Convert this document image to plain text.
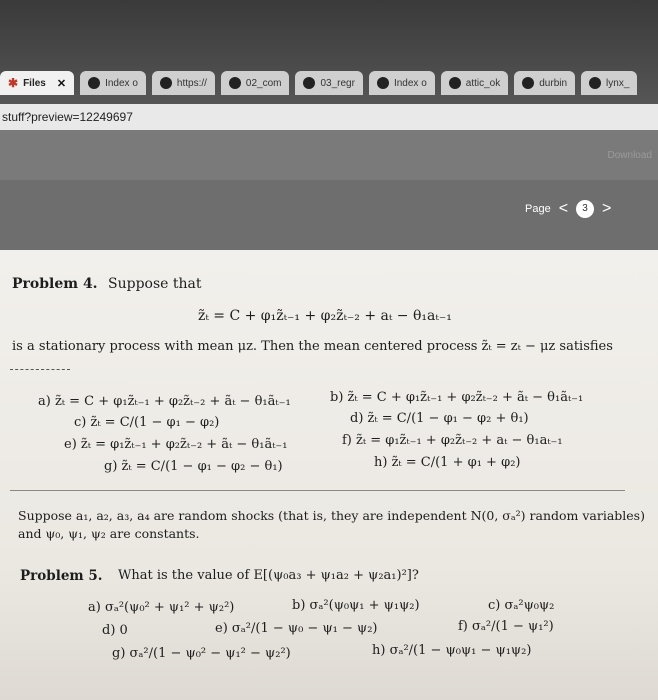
✱ Files ✕	Index o	https://	02_com	03_regr	Index o	attic_ok	durbin	lynx_
stuff?preview=12249697
Download
Page <	3 >
Problem 4. Suppose that
z̃ₜ = C + φ₁z̃ₜ₋₁ + φ₂z̃ₜ₋₂ + aₜ − θ₁aₜ₋₁
is a stationary process with mean μz. Then the mean centered process z̃ₜ = zₜ − μz satisfies
a) z̃ₜ = C + φ₁z̃ₜ₋₁ + φ₂z̃ₜ₋₂ + ãₜ − θ₁ãₜ₋₁	b) z̃ₜ = C + φ₁z̃ₜ₋₁ + φ₂z̃ₜ₋₂ + ãₜ − θ₁ãₜ₋₁
c) z̃ₜ = C/(1 − φ₁ − φ₂)	d) z̃ₜ = C/(1 − φ₁ − φ₂ + θ₁)
e) z̃ₜ = φ₁z̃ₜ₋₁ + φ₂z̃ₜ₋₂ + ãₜ − θ₁ãₜ₋₁	f) z̃ₜ = φ₁z̃ₜ₋₁ + φ₂z̃ₜ₋₂ + aₜ − θ₁aₜ₋₁
g) z̃ₜ = C/(1 − φ₁ − φ₂ − θ₁)	h) z̃ₜ = C/(1 + φ₁ + φ₂)
Suppose a₁, a₂, a₃, a₄ are random shocks (that is, they are independent N(0, σₐ²) random variables)
and ψ₀, ψ₁, ψ₂ are constants.
Problem 5. What is the value of E[(ψ₀a₃ + ψ₁a₂ + ψ₂a₁)²]?
a) σₐ²(ψ₀² + ψ₁² + ψ₂²)	b) σₐ²(ψ₀ψ₁ + ψ₁ψ₂)	c) σₐ²ψ₀ψ₂
d) 0	e) σₐ²/(1 − ψ₀ − ψ₁ − ψ₂)	f) σₐ²/(1 − ψ₁²)
g) σₐ²/(1 − ψ₀² − ψ₁² − ψ₂²)	h) σₐ²/(1 − ψ₀ψ₁ − ψ₁ψ₂)
